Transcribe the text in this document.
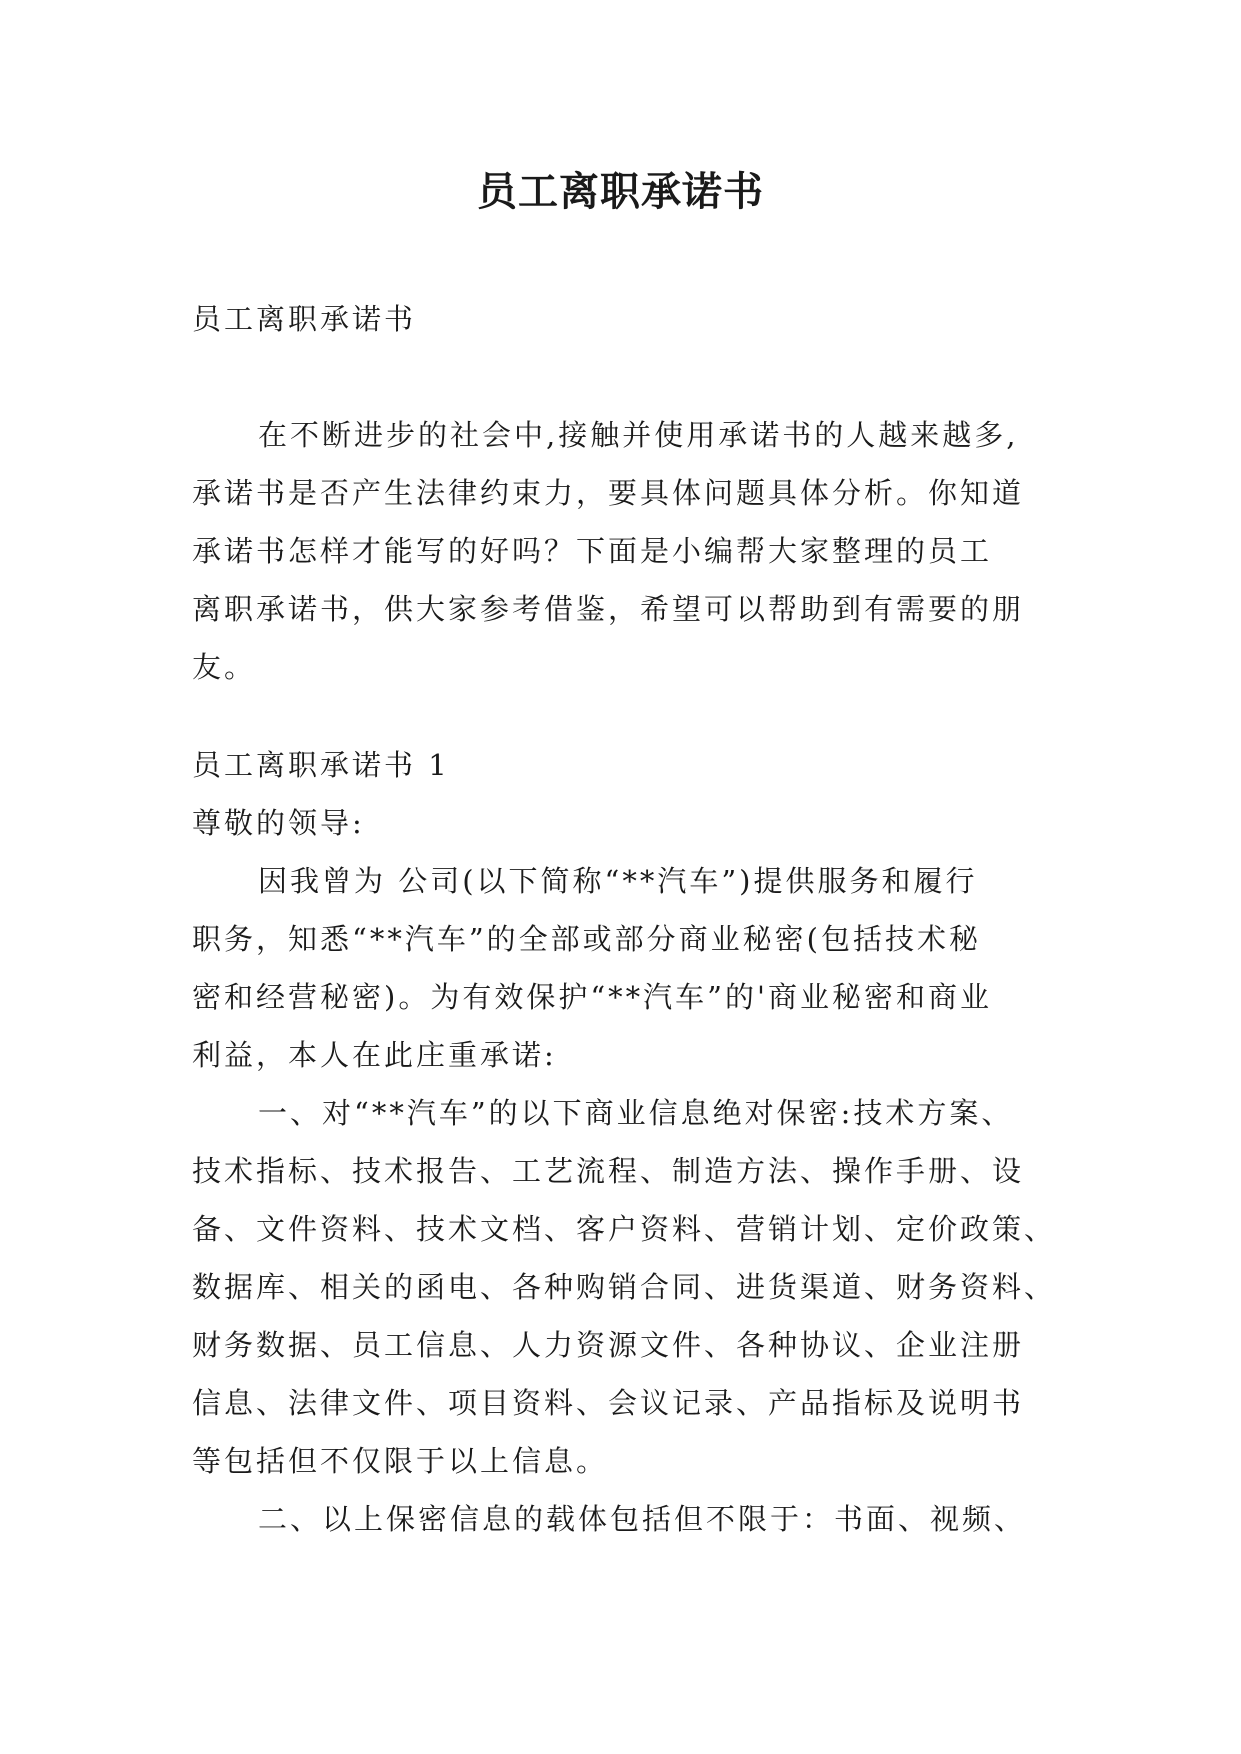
员工离职承诺书
员工离职承诺书
在不断进步的社会中,接触并使用承诺书的人越来越多,
承诺书是否产生法律约束力，要具体问题具体分析。你知道
承诺书怎样才能写的好吗？下面是小编帮大家整理的员工
离职承诺书，供大家参考借鉴，希望可以帮助到有需要的朋
友。
员工离职承诺书 1
尊敬的领导:
因我曾为 公司(以下简称“**汽车”)提供服务和履行
职务，知悉“**汽车”的全部或部分商业秘密(包括技术秘
密和经营秘密)。为有效保护“**汽车”的'商业秘密和商业
利益，本人在此庄重承诺:
一、对“**汽车”的以下商业信息绝对保密:技术方案、
技术指标、技术报告、工艺流程、制造方法、操作手册、设
备、文件资料、技术文档、客户资料、营销计划、定价政策、
数据库、相关的函电、各种购销合同、进货渠道、财务资料、
财务数据、员工信息、人力资源文件、各种协议、企业注册
信息、法律文件、项目资料、会议记录、产品指标及说明书
等包括但不仅限于以上信息。
二、以上保密信息的载体包括但不限于：书面、视频、
